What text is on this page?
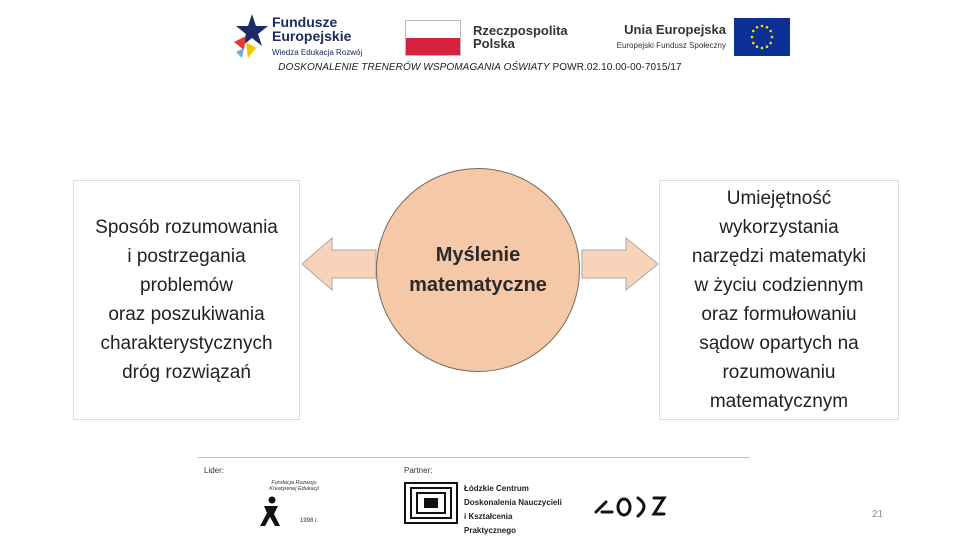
Fundusze
Europejskie
Wiedza Edukacja Rozwój
Rzeczpospolita
Polska
Unia Europejska
Europejski Fundusz Społeczny
DOSKONALENIE TRENERÓW WSPOMAGANIA OŚWIATY POWR.02.10.00-00-7015/17
Sposób rozumowania
i postrzegania
problemów
oraz poszukiwania
charakterystycznych
dróg rozwiązań
Myślenie
matematyczne
Umiejętność
wykorzystania
narzędzi matematyki
w życiu codziennym
oraz formułowaniu
sądow opartych na
rozumowaniu
matematycznym
Lider:	Partner:
Fundacja Rozwoju
Kreatywnej Edukacji
1998 r.
Łódzkie Centrum
Doskonalenia Nauczycieli
i Kształcenia Praktycznego
21
